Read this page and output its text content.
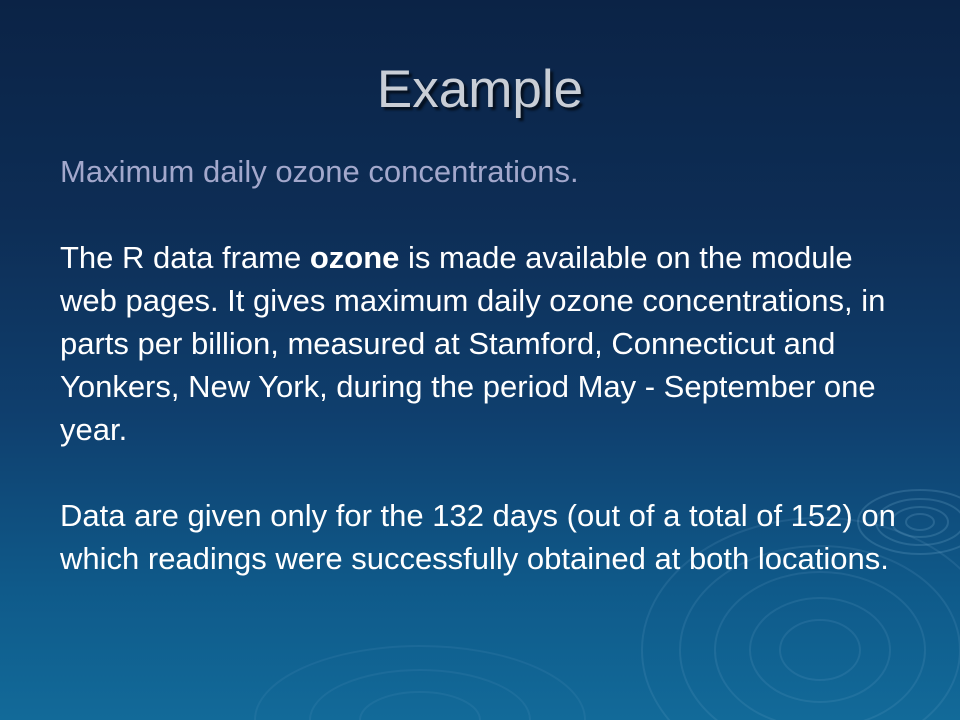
Example

Maximum daily ozone concentrations.

The R data frame ozone is made available on the module web pages. It gives maximum daily ozone concentrations, in parts per billion, measured at Stamford, Connecticut and Yonkers, New York, during the period May - September one year.

Data are given only for the 132 days (out of a total of 152) on which readings were successfully obtained at both locations.
